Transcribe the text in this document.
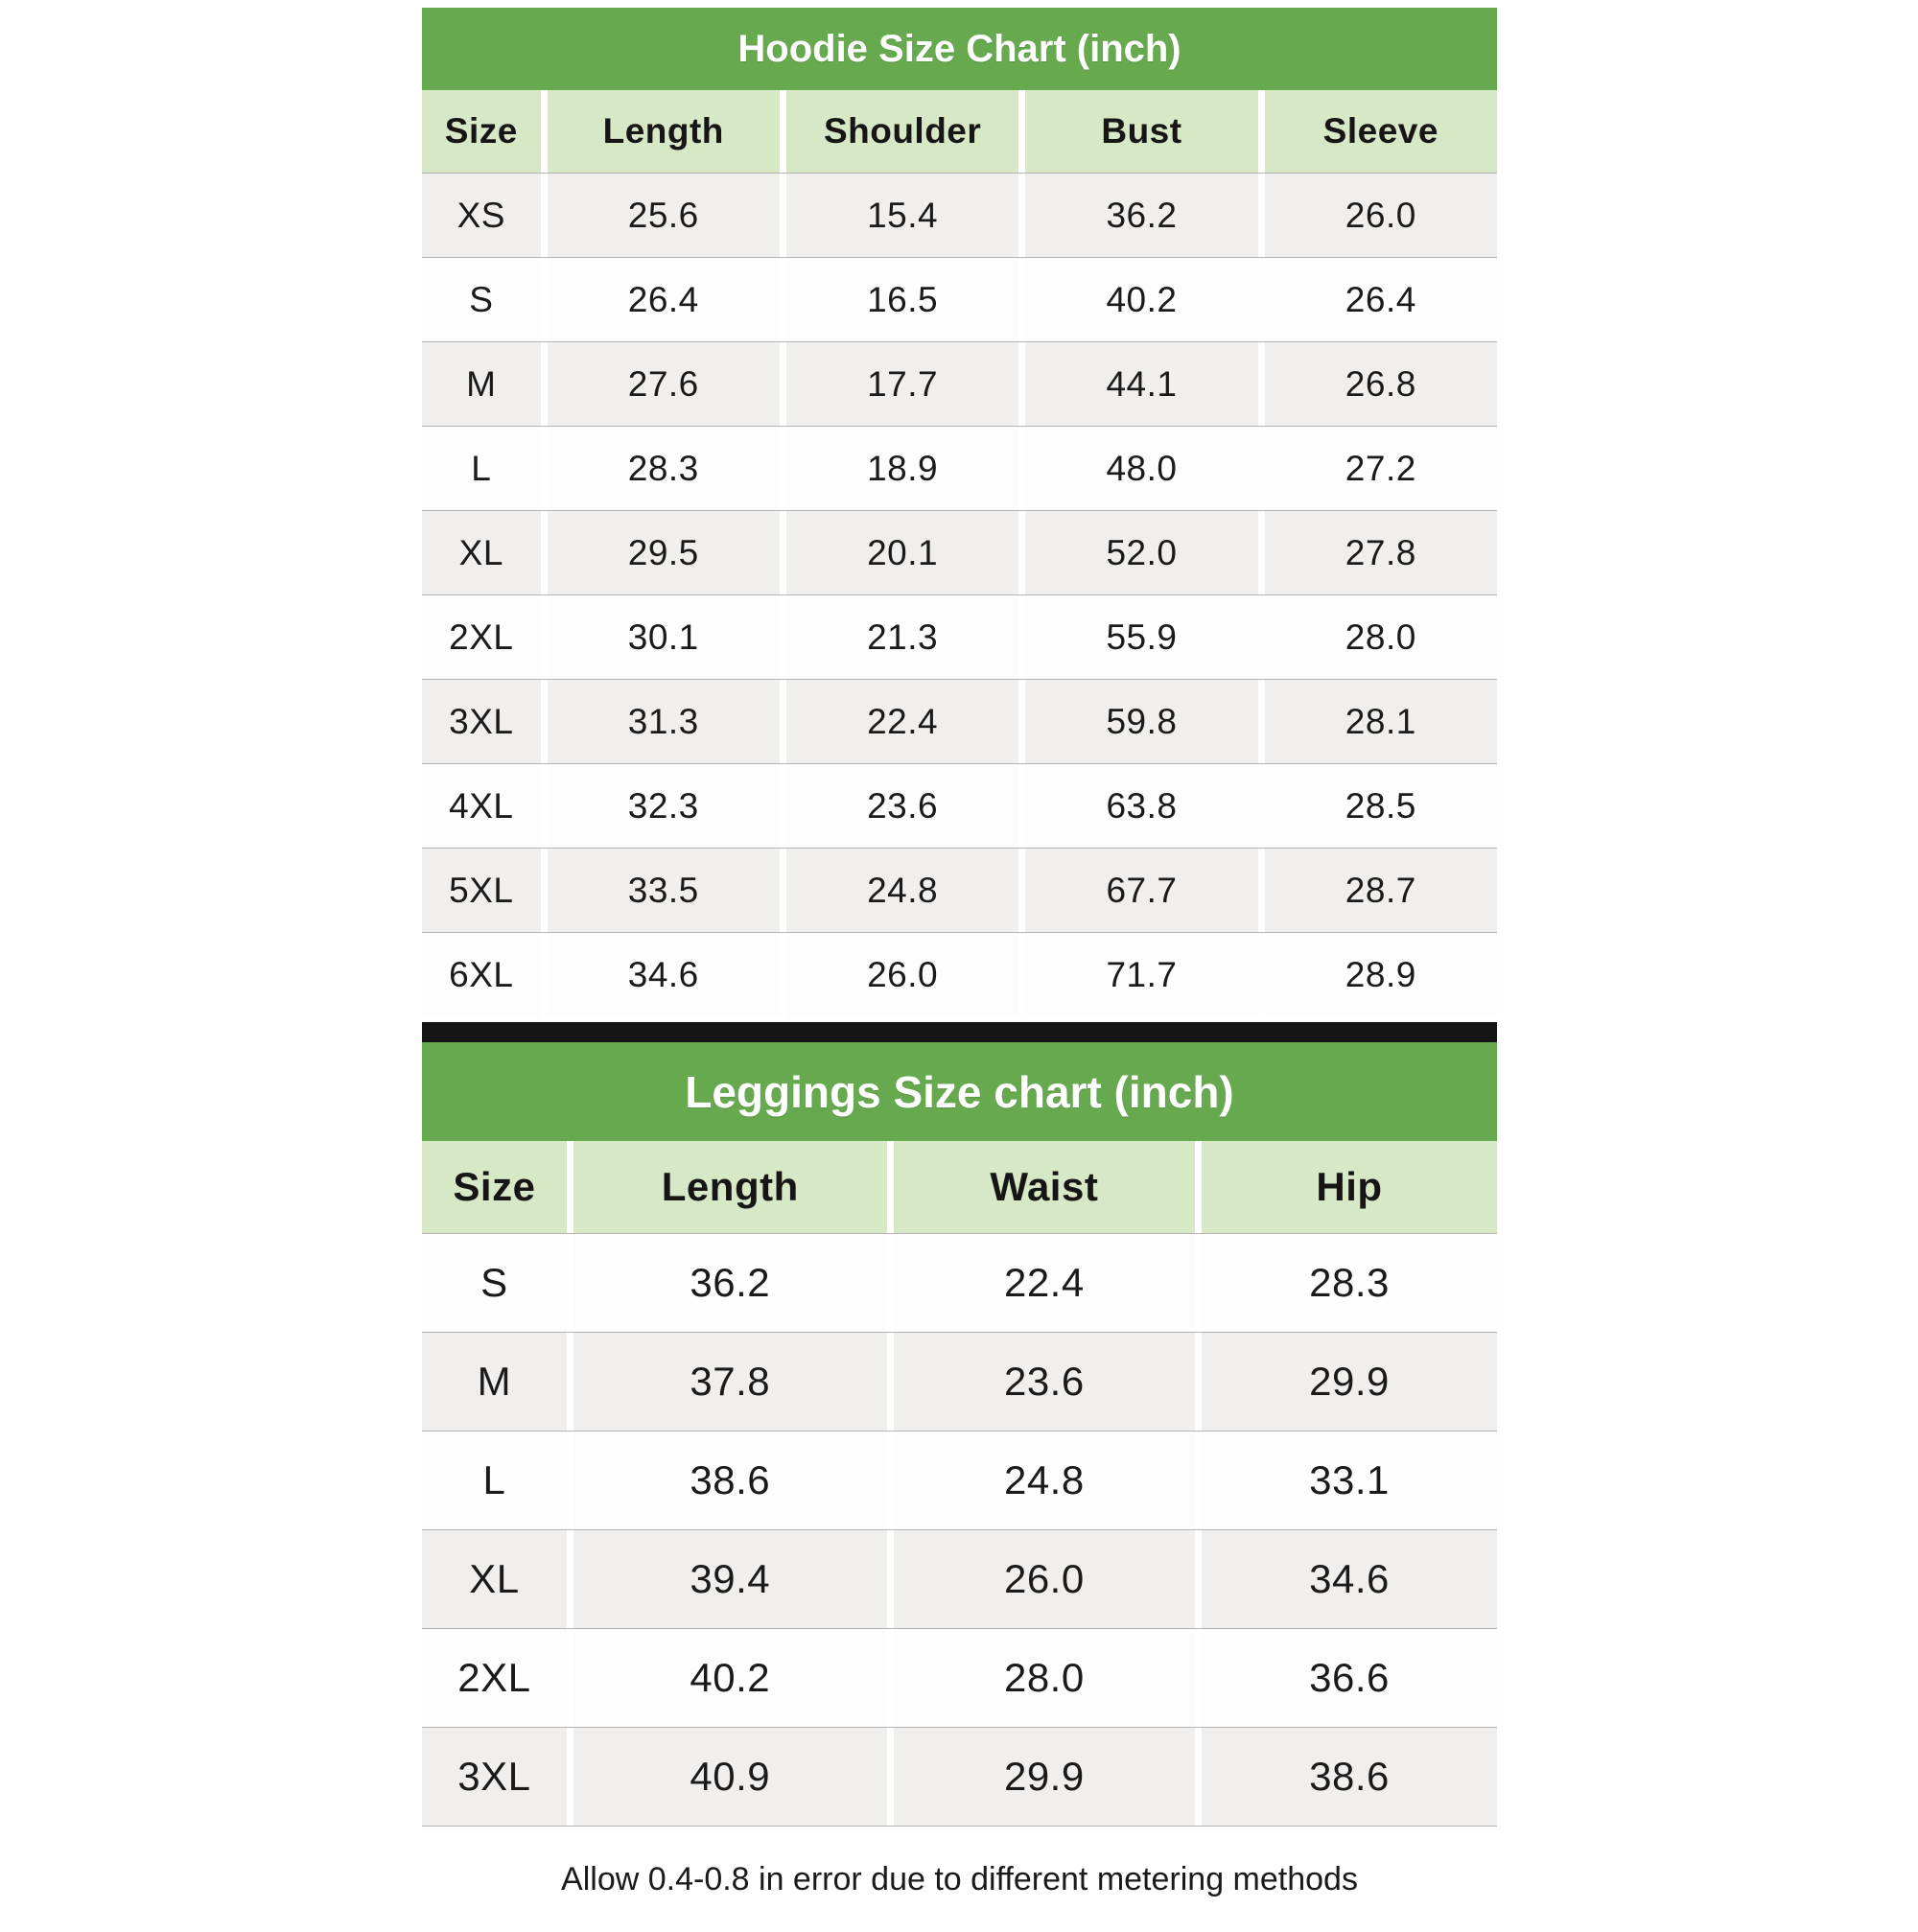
Hoodie Size Chart (inch)
Size	Length	Shoulder	Bust	Sleeve
XS	25.6	15.4	36.2	26.0
S	26.4	16.5	40.2	26.4
M	27.6	17.7	44.1	26.8
L	28.3	18.9	48.0	27.2
XL	29.5	20.1	52.0	27.8
2XL	30.1	21.3	55.9	28.0
3XL	31.3	22.4	59.8	28.1
4XL	32.3	23.6	63.8	28.5
5XL	33.5	24.8	67.7	28.7
6XL	34.6	26.0	71.7	28.9
Leggings Size chart (inch)
Size	Length	Waist	Hip
S	36.2	22.4	28.3
M	37.8	23.6	29.9
L	38.6	24.8	33.1
XL	39.4	26.0	34.6
2XL	40.2	28.0	36.6
3XL	40.9	29.9	38.6
Allow 0.4-0.8 in error due to different metering methods
